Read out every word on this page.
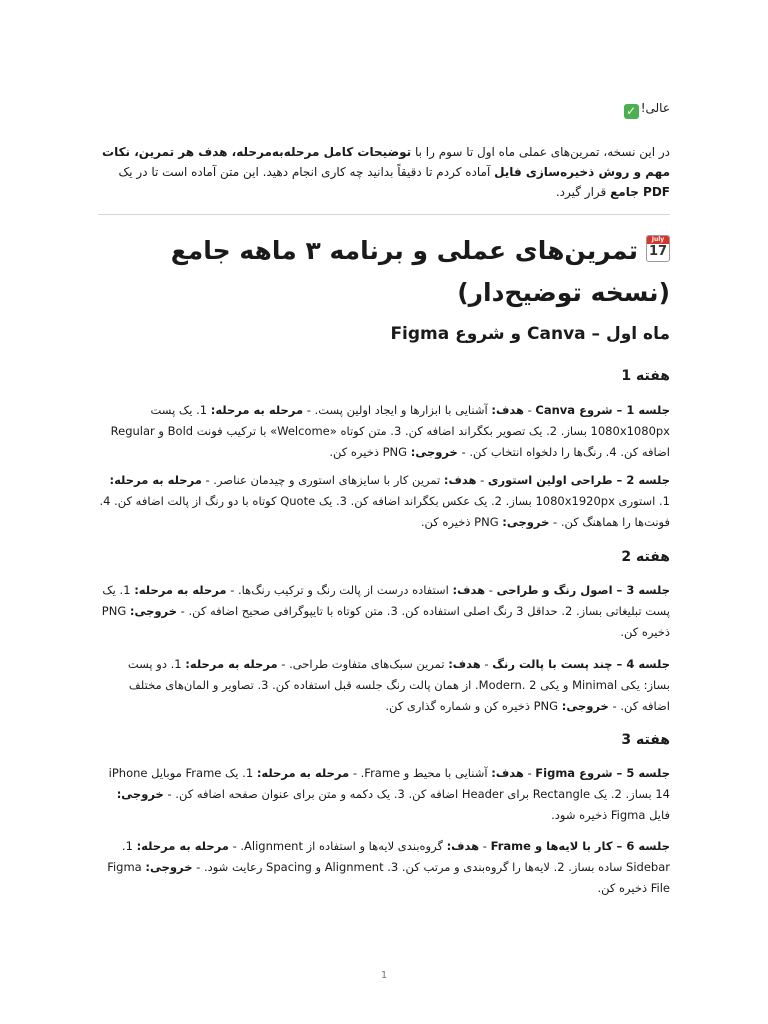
عالی!✓

در این نسخه، تمرین‌های عملی ماه اول تا سوم را با توضیحات کامل مرحله‌به‌مرحله، هدف هر تمرین، نکات مهم و روش ذخیره‌سازی فایل آماده کردم تا دقیقاً بدانید چه کاری انجام دهید. این متن آماده است تا در یک PDF جامع قرار گیرد.

July
17
تمرین‌های عملی و برنامه ۳ ماهه جامع (نسخه توضیح‌دار)
ماه اول – Canva و شروع Figma
هفته 1

جلسه 1 – شروع Canva - هدف: آشنایی با ابزارها و ایجاد اولین پست. - مرحله به مرحله: 1. یک پست 1080x1080px بساز. 2. یک تصویر بکگراند اضافه کن. 3. متن کوتاه «Welcome» با ترکیب فونت Bold و Regular اضافه کن. 4. رنگ‌ها را دلخواه انتخاب کن. - خروجی: PNG ذخیره کن.

جلسه 2 – طراحی اولین استوری - هدف: تمرین کار با سایزهای استوری و چیدمان عناصر. - مرحله به مرحله: 1. استوری 1080x1920px بساز. 2. یک عکس بکگراند اضافه کن. 3. یک Quote کوتاه با دو رنگ از پالت اضافه کن. 4. فونت‌ها را هماهنگ کن. - خروجی: PNG ذخیره کن.

هفته 2

جلسه 3 – اصول رنگ و طراحی - هدف: استفاده درست از پالت رنگ و ترکیب رنگ‌ها. - مرحله به مرحله: 1. یک پست تبلیغاتی بساز. 2. حداقل 3 رنگ اصلی استفاده کن. 3. متن کوتاه با تایپوگرافی صحیح اضافه کن. - خروجی: PNG ذخیره کن.

جلسه 4 – چند پست با پالت رنگ - هدف: تمرین سبک‌های متفاوت طراحی. - مرحله به مرحله: 1. دو پست بساز: یکی Minimal و یکی Modern. 2. از همان پالت رنگ جلسه قبل استفاده کن. 3. تصاویر و المان‌های مختلف اضافه کن. - خروجی: PNG ذخیره کن و شماره گذاری کن.

هفته 3

جلسه 5 – شروع Figma - هدف: آشنایی با محیط و Frame. - مرحله به مرحله: 1. یک Frame موبایل iPhone 14 بساز. 2. یک Rectangle برای Header اضافه کن. 3. یک دکمه و متن برای عنوان صفحه اضافه کن. - خروجی: فایل Figma ذخیره شود.

جلسه 6 – کار با لایه‌ها و Frame - هدف: گروه‌بندی لایه‌ها و استفاده از Alignment. - مرحله به مرحله: 1. Sidebar ساده بساز. 2. لایه‌ها را گروه‌بندی و مرتب کن. 3. Alignment و Spacing رعایت شود. - خروجی: Figma File ذخیره کن.

1
